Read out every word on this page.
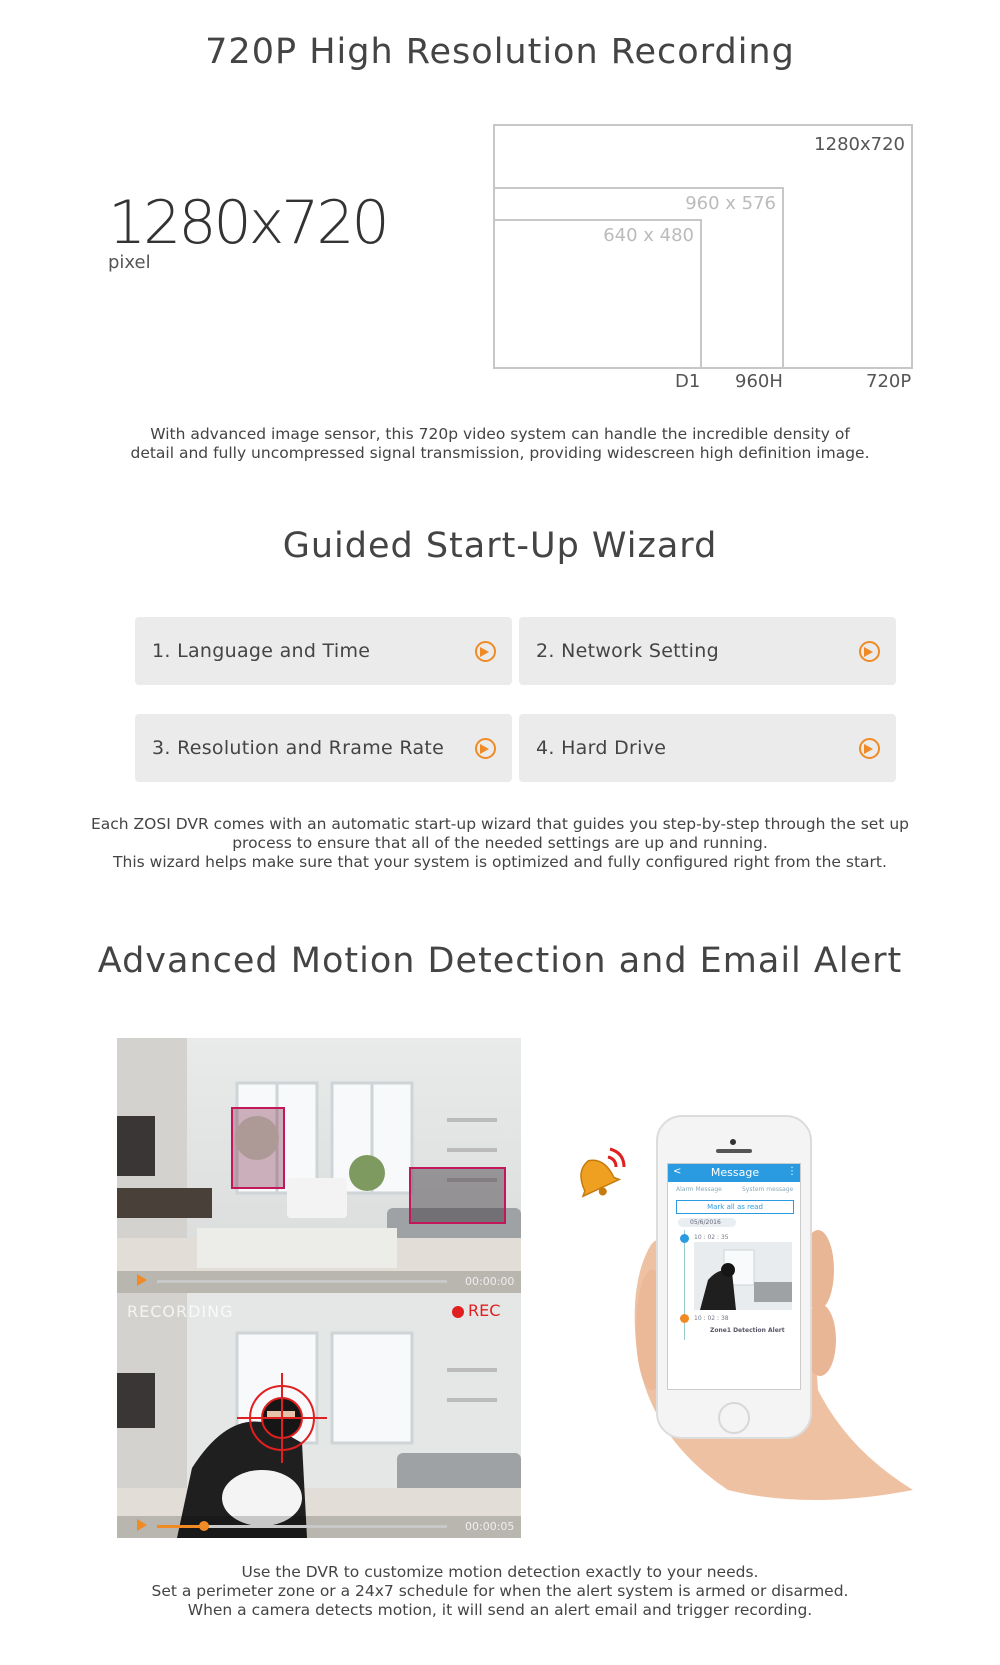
720P High Resolution Recording
1280x720
pixel
1280x720
960 x 576
640 x 480
D1 960H	720P
With advanced image sensor, this 720p video system can handle the incredible density of
detail and fully uncompressed signal transmission, providing widescreen high definition image.
Guided Start-Up Wizard
1. Language and Time	2. Network Setting
3. Resolution and Rrame Rate	4. Hard Drive
Each ZOSI DVR comes with an automatic start-up wizard that guides you step-by-step through the set up
process to ensure that all of the needed settings are up and running.
This wizard helps make sure that your system is optimized and fully configured right from the start.
Advanced Motion Detection and Email Alert
00:00:00
RECORDING	REC
00:00:05
<	Message	⋮
Alarm Message	System message
Mark all as read
05/6/2016
10 : 02 : 35
10 : 02 : 38
Zone1 Detection Alert
Use the DVR to customize motion detection exactly to your needs.
Set a perimeter zone or a 24x7 schedule for when the alert system is armed or disarmed.
When a camera detects motion, it will send an alert email and trigger recording.
